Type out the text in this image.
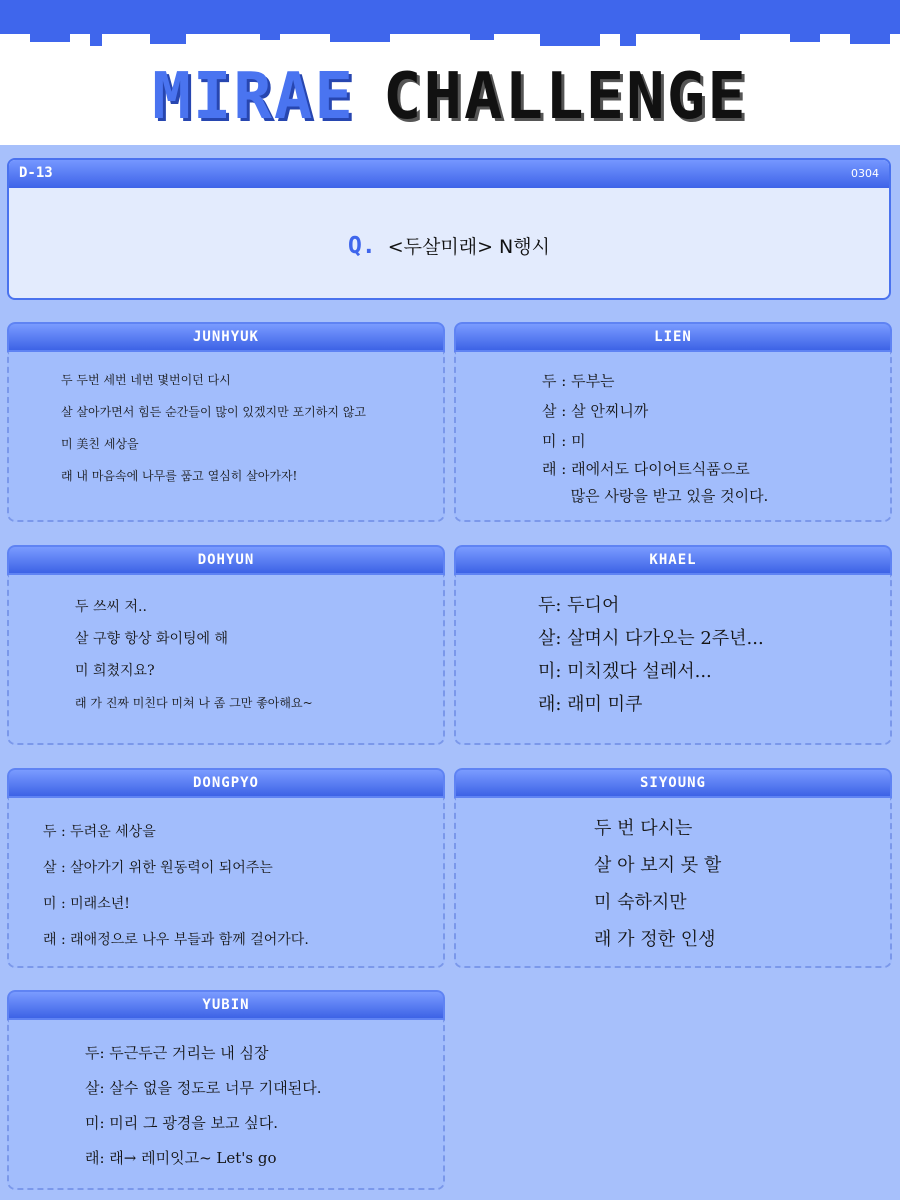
MIRAE CHALLENGE
D-13	0304
Q. <두살미래> N행시
JUNHYUK
두 두번 세번 네번 몇번이던 다시
살 살아가면서 힘든 순간들이 많이 있겠지만 포기하지 않고
미 美친 세상을
래 내 마음속에 나무를 품고 열심히 살아가자!
LIEN
두 : 두부는
살 : 살 안찌니까
미 : 미
래 : 래에서도 다이어트식품으로
많은 사랑을 받고 있을 것이다.
DOHYUN
두 쓰씨 저..
살 구향 항상 화이팅에 해
미 희쳤지요?
래 가 진짜 미친다 미쳐 나 좀 그만 좋아해요~
KHAEL
두: 두디어
살: 살며시 다가오는 2주년...
미: 미치겠다 설레서...
래: 래미 미쿠
DONGPYO
두 : 두려운 세상을
살 : 살아가기 위한 원동력이 되어주는
미 : 미래소년!
래 : 래애정으로 나우 부들과 함께 걸어가다.
SIYOUNG
두 번 다시는
살 아 보지 못 할
미 숙하지만
래 가 정한 인생
YUBIN
두: 두근두근 거리는 내 심장
살: 살수 없을 정도로 너무 기대된다.
미: 미리 그 광경을 보고 싶다.
래: 래→ 레미잇고~ Let's go
